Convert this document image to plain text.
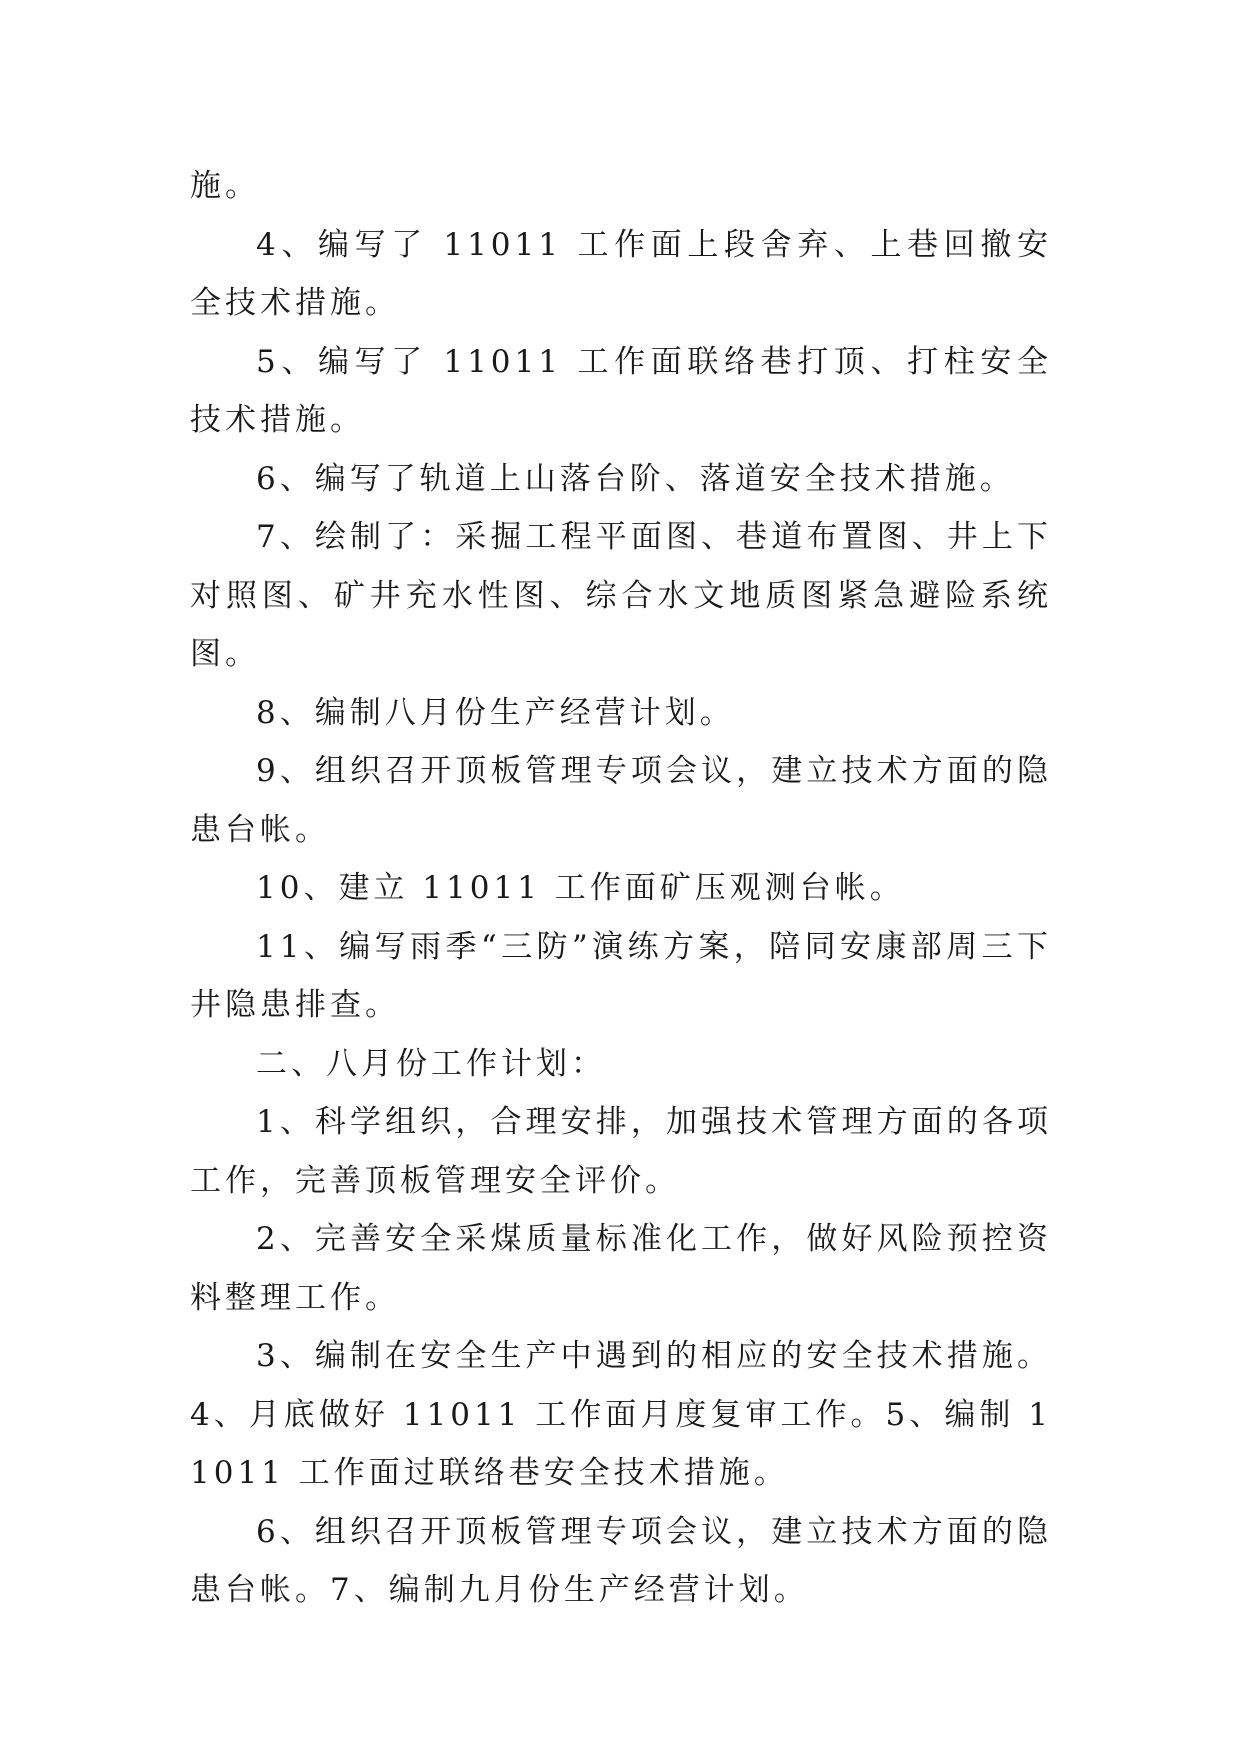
施。

4、编写了 11011 工作面上段舍弃、上巷回撤安全技术措施。

5、编写了 11011 工作面联络巷打顶、打柱安全技术措施。

6、编写了轨道上山落台阶、落道安全技术措施。

7、绘制了：采掘工程平面图、巷道布置图、井上下对照图、矿井充水性图、综合水文地质图紧急避险系统图。

8、编制八月份生产经营计划。

9、组织召开顶板管理专项会议，建立技术方面的隐患台帐。

10、建立 11011 工作面矿压观测台帐。

11、编写雨季“三防”演练方案，陪同安康部周三下井隐患排查。

二、八月份工作计划：

1、科学组织，合理安排，加强技术管理方面的各项工作，完善顶板管理安全评价。

2、完善安全采煤质量标准化工作，做好风险预控资料整理工作。

3、编制在安全生产中遇到的相应的安全技术措施。4、月底做好 11011 工作面月度复审工作。5、编制 11011 工作面过联络巷安全技术措施。

6、组织召开顶板管理专项会议，建立技术方面的隐患台帐。7、编制九月份生产经营计划。
